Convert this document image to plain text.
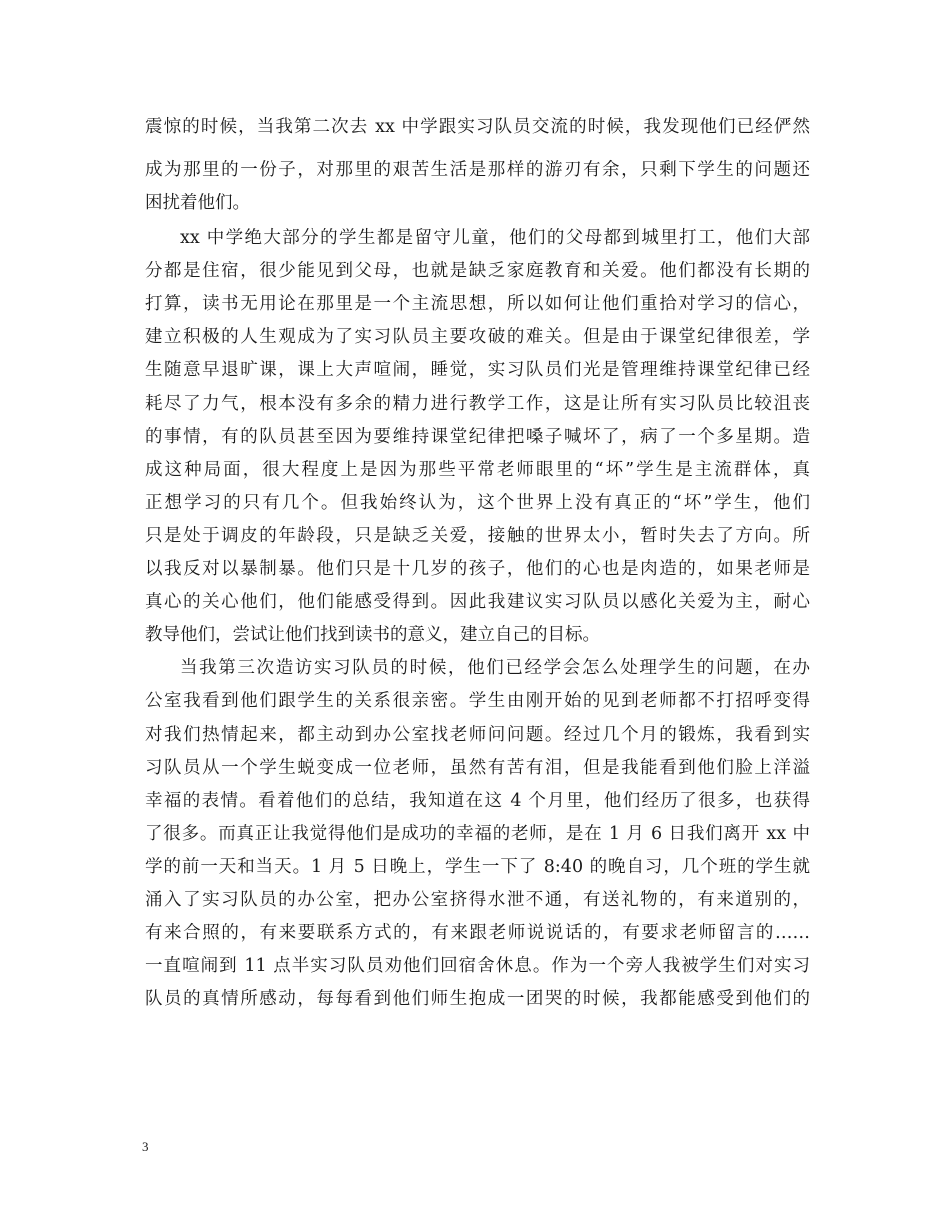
震惊的时候，当我第二次去 xx 中学跟实习队员交流的时候，我发现他们已经俨然
成为那里的一份子，对那里的艰苦生活是那样的游刃有余，只剩下学生的问题还
困扰着他们。
xx 中学绝大部分的学生都是留守儿童，他们的父母都到城里打工，他们大部
分都是住宿，很少能见到父母，也就是缺乏家庭教育和关爱。他们都没有长期的
打算，读书无用论在那里是一个主流思想，所以如何让他们重拾对学习的信心，
建立积极的人生观成为了实习队员主要攻破的难关。但是由于课堂纪律很差，学
生随意早退旷课，课上大声喧闹，睡觉，实习队员们光是管理维持课堂纪律已经
耗尽了力气，根本没有多余的精力进行教学工作，这是让所有实习队员比较沮丧
的事情，有的队员甚至因为要维持课堂纪律把嗓子喊坏了，病了一个多星期。造
成这种局面，很大程度上是因为那些平常老师眼里的“坏”学生是主流群体，真
正想学习的只有几个。但我始终认为，这个世界上没有真正的“坏”学生，他们
只是处于调皮的年龄段，只是缺乏关爱，接触的世界太小，暂时失去了方向。所
以我反对以暴制暴。他们只是十几岁的孩子，他们的心也是肉造的，如果老师是
真心的关心他们，他们能感受得到。因此我建议实习队员以感化关爱为主，耐心
教导他们，尝试让他们找到读书的意义，建立自己的目标。
当我第三次造访实习队员的时候，他们已经学会怎么处理学生的问题，在办
公室我看到他们跟学生的关系很亲密。学生由刚开始的见到老师都不打招呼变得
对我们热情起来，都主动到办公室找老师问问题。经过几个月的锻炼，我看到实
习队员从一个学生蜕变成一位老师，虽然有苦有泪，但是我能看到他们脸上洋溢
幸福的表情。看着他们的总结，我知道在这 4 个月里，他们经历了很多，也获得
了很多。而真正让我觉得他们是成功的幸福的老师，是在 1 月 6 日我们离开 xx 中
学的前一天和当天。1 月 5 日晚上，学生一下了 8:40 的晚自习，几个班的学生就
涌入了实习队员的办公室，把办公室挤得水泄不通，有送礼物的，有来道别的，
有来合照的，有来要联系方式的，有来跟老师说说话的，有要求老师留言的……
一直喧闹到 11 点半实习队员劝他们回宿舍休息。作为一个旁人我被学生们对实习
队员的真情所感动，每每看到他们师生抱成一团哭的时候，我都能感受到他们的
3
